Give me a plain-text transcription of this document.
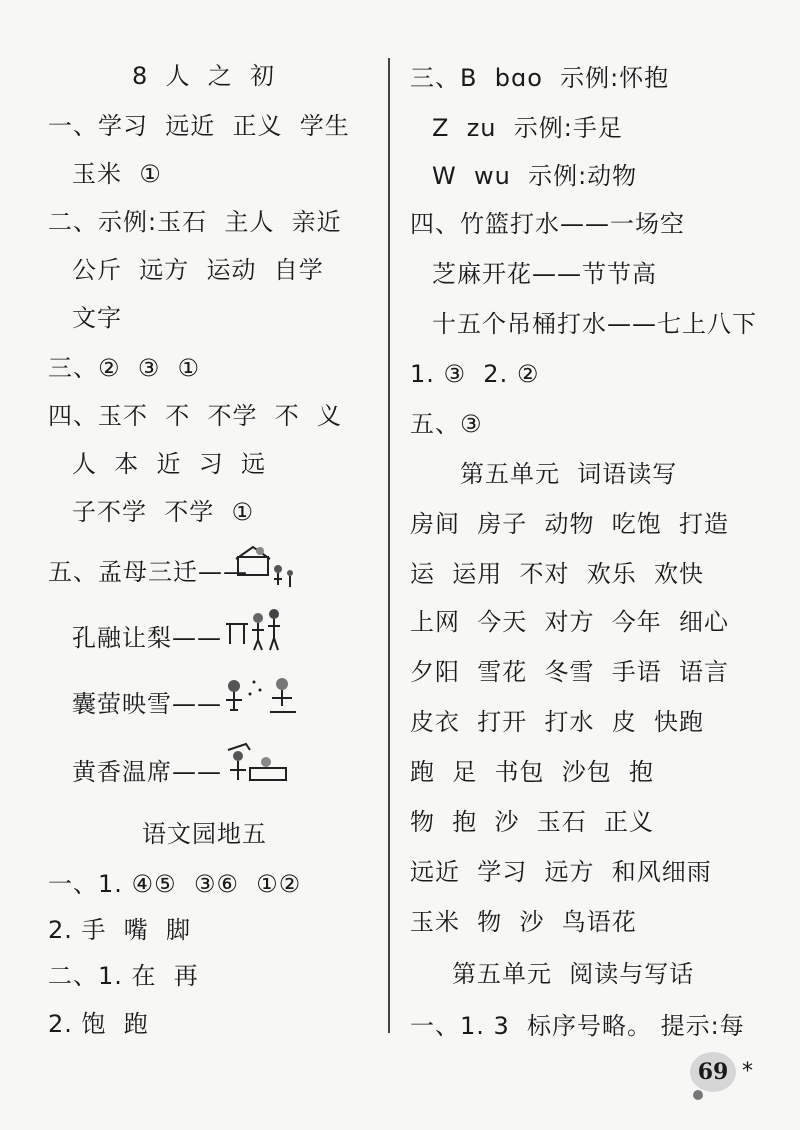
8  人  之  初
一、学习  远近  正义  学生
玉米  ①
二、示例:玉石  主人  亲近
公斤  远方  运动  自学
文字
三、②  ③  ①
四、玉不  不  不学  不  义
人  本  近  习  远
子不学  不学  ①
五、孟母三迁——
孔融让梨——
囊萤映雪——
黄香温席——
语文园地五
一、1. ④⑤  ③⑥  ①②
2. 手  嘴  脚
二、1. 在  再
2. 饱  跑
三、B  bɑo  示例:怀抱
Z  zu  示例:手足
W  wu  示例:动物
四、竹篮打水——一场空
芝麻开花——节节高
十五个吊桶打水——七上八下
1. ③  2. ②
五、③
第五单元  词语读写
房间  房子  动物  吃饱  打造
运  运用  不对  欢乐  欢快
上网  今天  对方  今年  细心
夕阳  雪花  冬雪  手语  语言
皮衣  打开  打水  皮  快跑
跑  足  书包  沙包  抱
物  抱  沙  玉石  正义
远近  学习  远方  和风细雨
玉米  物  沙  鸟语花
第五单元  阅读与写话
一、1. 3  标序号略。 提示:每
69 *
